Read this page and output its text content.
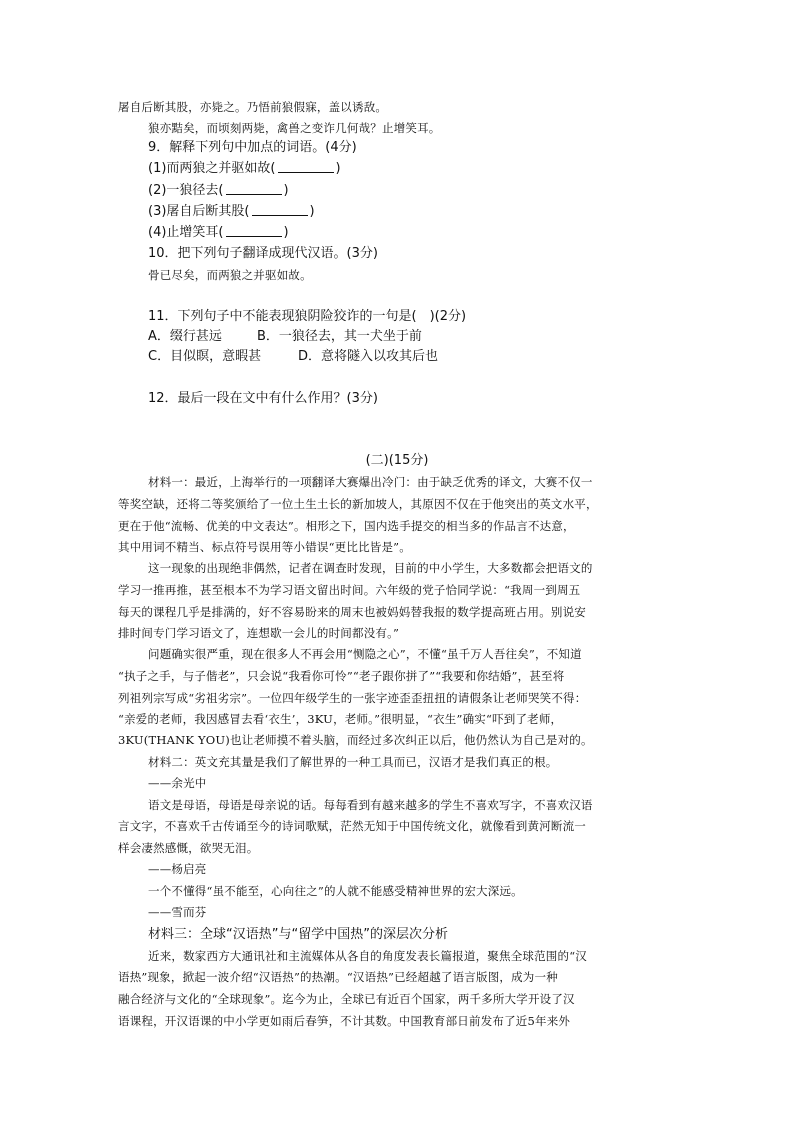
屠自后断其股，亦毙之。乃悟前狼假寐，盖以诱敌。
狼亦黠矣，而顷刻两毙，禽兽之变诈几何哉？止增笑耳。
9．解释下列句中加点的词语。(4分)
(1)而两狼之并驱如故(	)
(2)一狼径去(	)
(3)屠自后断其股(	)
(4)止增笑耳(	)
10．把下列句子翻译成现代汉语。(3分)
骨已尽矣，而两狼之并驱如故。
11．下列句子中不能表现狼阴险狡诈的一句是(　)(2分)
A．缀行甚远	B．一狼径去，其一犬坐于前
C．目似瞑，意暇甚	D．意将隧入以攻其后也
12．最后一段在文中有什么作用？(3分)
(二)(15分)
材料一：最近，上海举行的一项翻译大赛爆出冷门：由于缺乏优秀的译文，大赛不仅一
等奖空缺，还将二等奖颁给了一位土生土长的新加坡人，其原因不仅在于他突出的英文水平，
更在于他“流畅、优美的中文表达”。相形之下，国内选手提交的相当多的作品言不达意，
其中用词不精当、标点符号误用等小错误“更比比皆是”。
这一现象的出现绝非偶然，记者在调查时发现，目前的中小学生，大多数都会把语文的
学习一推再推，甚至根本不为学习语文留出时间。六年级的党子恰同学说：“我周一到周五
每天的课程几乎是排满的，好不容易盼来的周末也被妈妈替我报的数学提高班占用。别说安
排时间专门学习语文了，连想歇一会儿的时间都没有。”
问题确实很严重，现在很多人不再会用“恻隐之心”，不懂“虽千万人吾往矣”，不知道
“执子之手，与子偕老”，只会说“我看你可怜”“老子跟你拼了”“我要和你结婚”，甚至将
列祖列宗写成“劣祖劣宗”。一位四年级学生的一张字迹歪歪扭扭的请假条让老师哭笑不得：
“亲爱的老师，我因感冒去看‘衣生’，3KU，老师。”很明显，“衣生”确实“吓到了老师，
3KU(THANK YOU)也让老师摸不着头脑，而经过多次纠正以后，他仍然认为自己是对的。
材料二：英文充其量是我们了解世界的一种工具而已，汉语才是我们真正的根。
——余光中
语文是母语，母语是母亲说的话。每每看到有越来越多的学生不喜欢写字，不喜欢汉语
言文字，不喜欢千古传诵至今的诗词歌赋，茫然无知于中国传统文化，就像看到黄河断流一
样会凄然感慨，欲哭无泪。
——杨启亮
一个不懂得“虽不能至，心向往之”的人就不能感受精神世界的宏大深远。
——雪而芬
材料三：全球“汉语热”与“留学中国热”的深层次分析
近来，数家西方大通讯社和主流媒体从各自的角度发表长篇报道，聚焦全球范围的“汉
语热”现象，掀起一波介绍“汉语热”的热潮。“汉语热”已经超越了语言版图，成为一种
融合经济与文化的“全球现象”。迄今为止，全球已有近百个国家，两千多所大学开设了汉
语课程，开汉语课的中小学更如雨后春笋，不计其数。中国教育部日前发布了近5年来外
